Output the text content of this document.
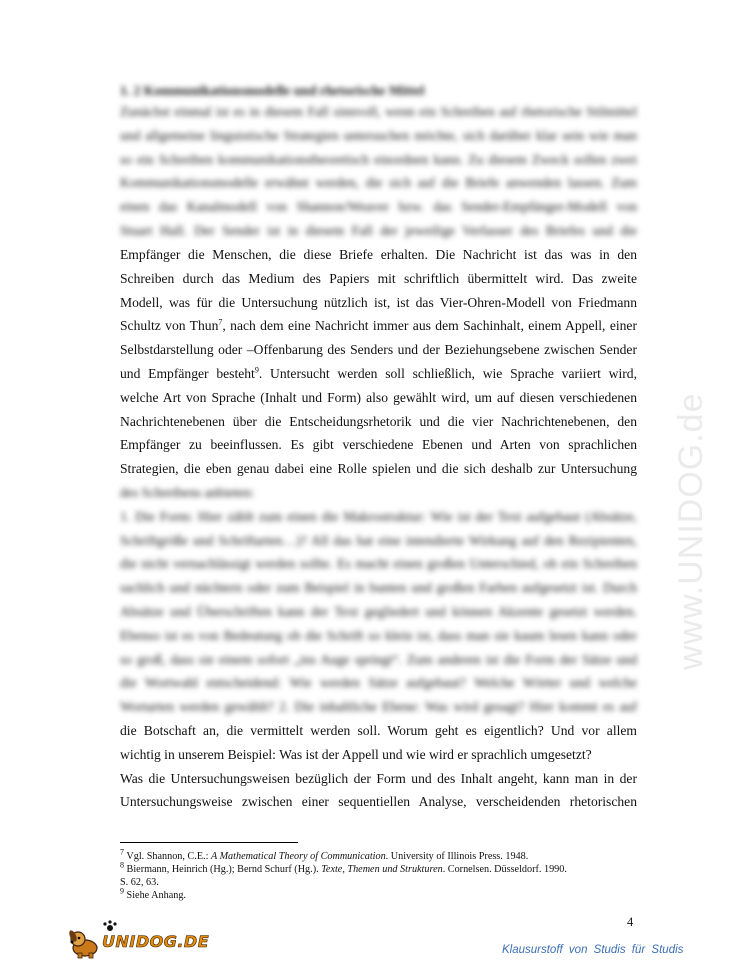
www.UNIDOG.de
1. 2 Kommunikationsmodelle und rhetorische Mittel
Zunächst einmal ist es in diesem Fall sinnvoll, wenn ein Schreiben auf rhetorische Stilmittel
und allgemeine linguistische Strategien untersuchen möchte, sich darüber klar sein wie man
so ein Schreiben kommunikationstheoretisch einordnen kann. Zu diesem Zweck sollen zwei
Kommunikationsmodelle erwähnt werden, die sich auf die Briefe anwenden lassen. Zum
einen das Kanalmodell von Shannon/Weaver bzw. das Sender-Empfänger-Modell von
Stuart Hall. Der Sender ist in diesem Fall der jeweilige Verfasser des Briefes und die
Empfänger die Menschen, die diese Briefe erhalten. Die Nachricht ist das was in den
Schreiben durch das Medium des Papiers mit schriftlich übermittelt wird. Das zweite
Modell, was für die Untersuchung nützlich ist, ist das Vier-Ohren-Modell von Friedmann
Schultz von Thun$^7$, nach dem eine Nachricht immer aus dem Sachinhalt, einem Appell, einer
Selbstdarstellung oder –Offenbarung des Senders und der Beziehungsebene zwischen Sender
und Empfänger besteht$^9$. Untersucht werden soll schließlich, wie Sprache variiert wird,
welche Art von Sprache (Inhalt und Form) also gewählt wird, um auf diesen verschiedenen
Nachrichtenebenen über die Entscheidungsrhetorik und die vier Nachrichtenebenen, den
Empfänger zu beeinflussen. Es gibt verschiedene Ebenen und Arten von sprachlichen
Strategien, die eben genau dabei eine Rolle spielen und die sich deshalb zur Untersuchung
des Schreibens anbieten:
1. Die Form: Hier zählt zum einen die Makrostruktur: Wie ist der Text aufgebaut (Absätze,
Schriftgröße und Schriftarten…)? All das hat eine intendierte Wirkung auf den Rezipienten,
die nicht vernachlässigt werden sollte. Es macht einen großen Unterschied, ob ein Schreiben
sachlich und nüchtern oder zum Beispiel in bunten und großen Farben aufgesetzt ist. Durch
Absätze und Überschriften kann der Text gegliedert und können Akzente gesetzt werden.
Ebenso ist es von Bedeutung ob die Schrift so klein ist, dass man sie kaum lesen kann oder
so groß, dass sie einem sofort „ins Auge springt“. Zum anderen ist die Form der Sätze und
die Wortwahl entscheidend: Wie werden Sätze aufgebaut? Welche Wörter und welche
Wortarten werden gewählt? 2. Die inhaltliche Ebene: Was wird gesagt? Hier kommt es auf
die Botschaft an, die vermittelt werden soll. Worum geht es eigentlich? Und vor allem
wichtig in unserem Beispiel: Was ist der Appell und wie wird er sprachlich umgesetzt?
Was die Untersuchungsweisen bezüglich der Form und des Inhalt angeht, kann man in der
Untersuchungsweise zwischen einer sequentiellen Analyse, verscheidenden rhetorischen
$^7$ Vgl. Shannon, C.E.: A Mathematical Theory of Communication. University of Illinois Press. 1948.
$^8$ Biermann, Heinrich (Hg.); Bernd Schurf (Hg.). Texte, Themen und Strukturen. Cornelsen. Düsseldorf. 1990.
S. 62, 63.
$^9$ Siehe Anhang.
4
UNIDOG.DE	Klausurstoff von Studis für Studis
